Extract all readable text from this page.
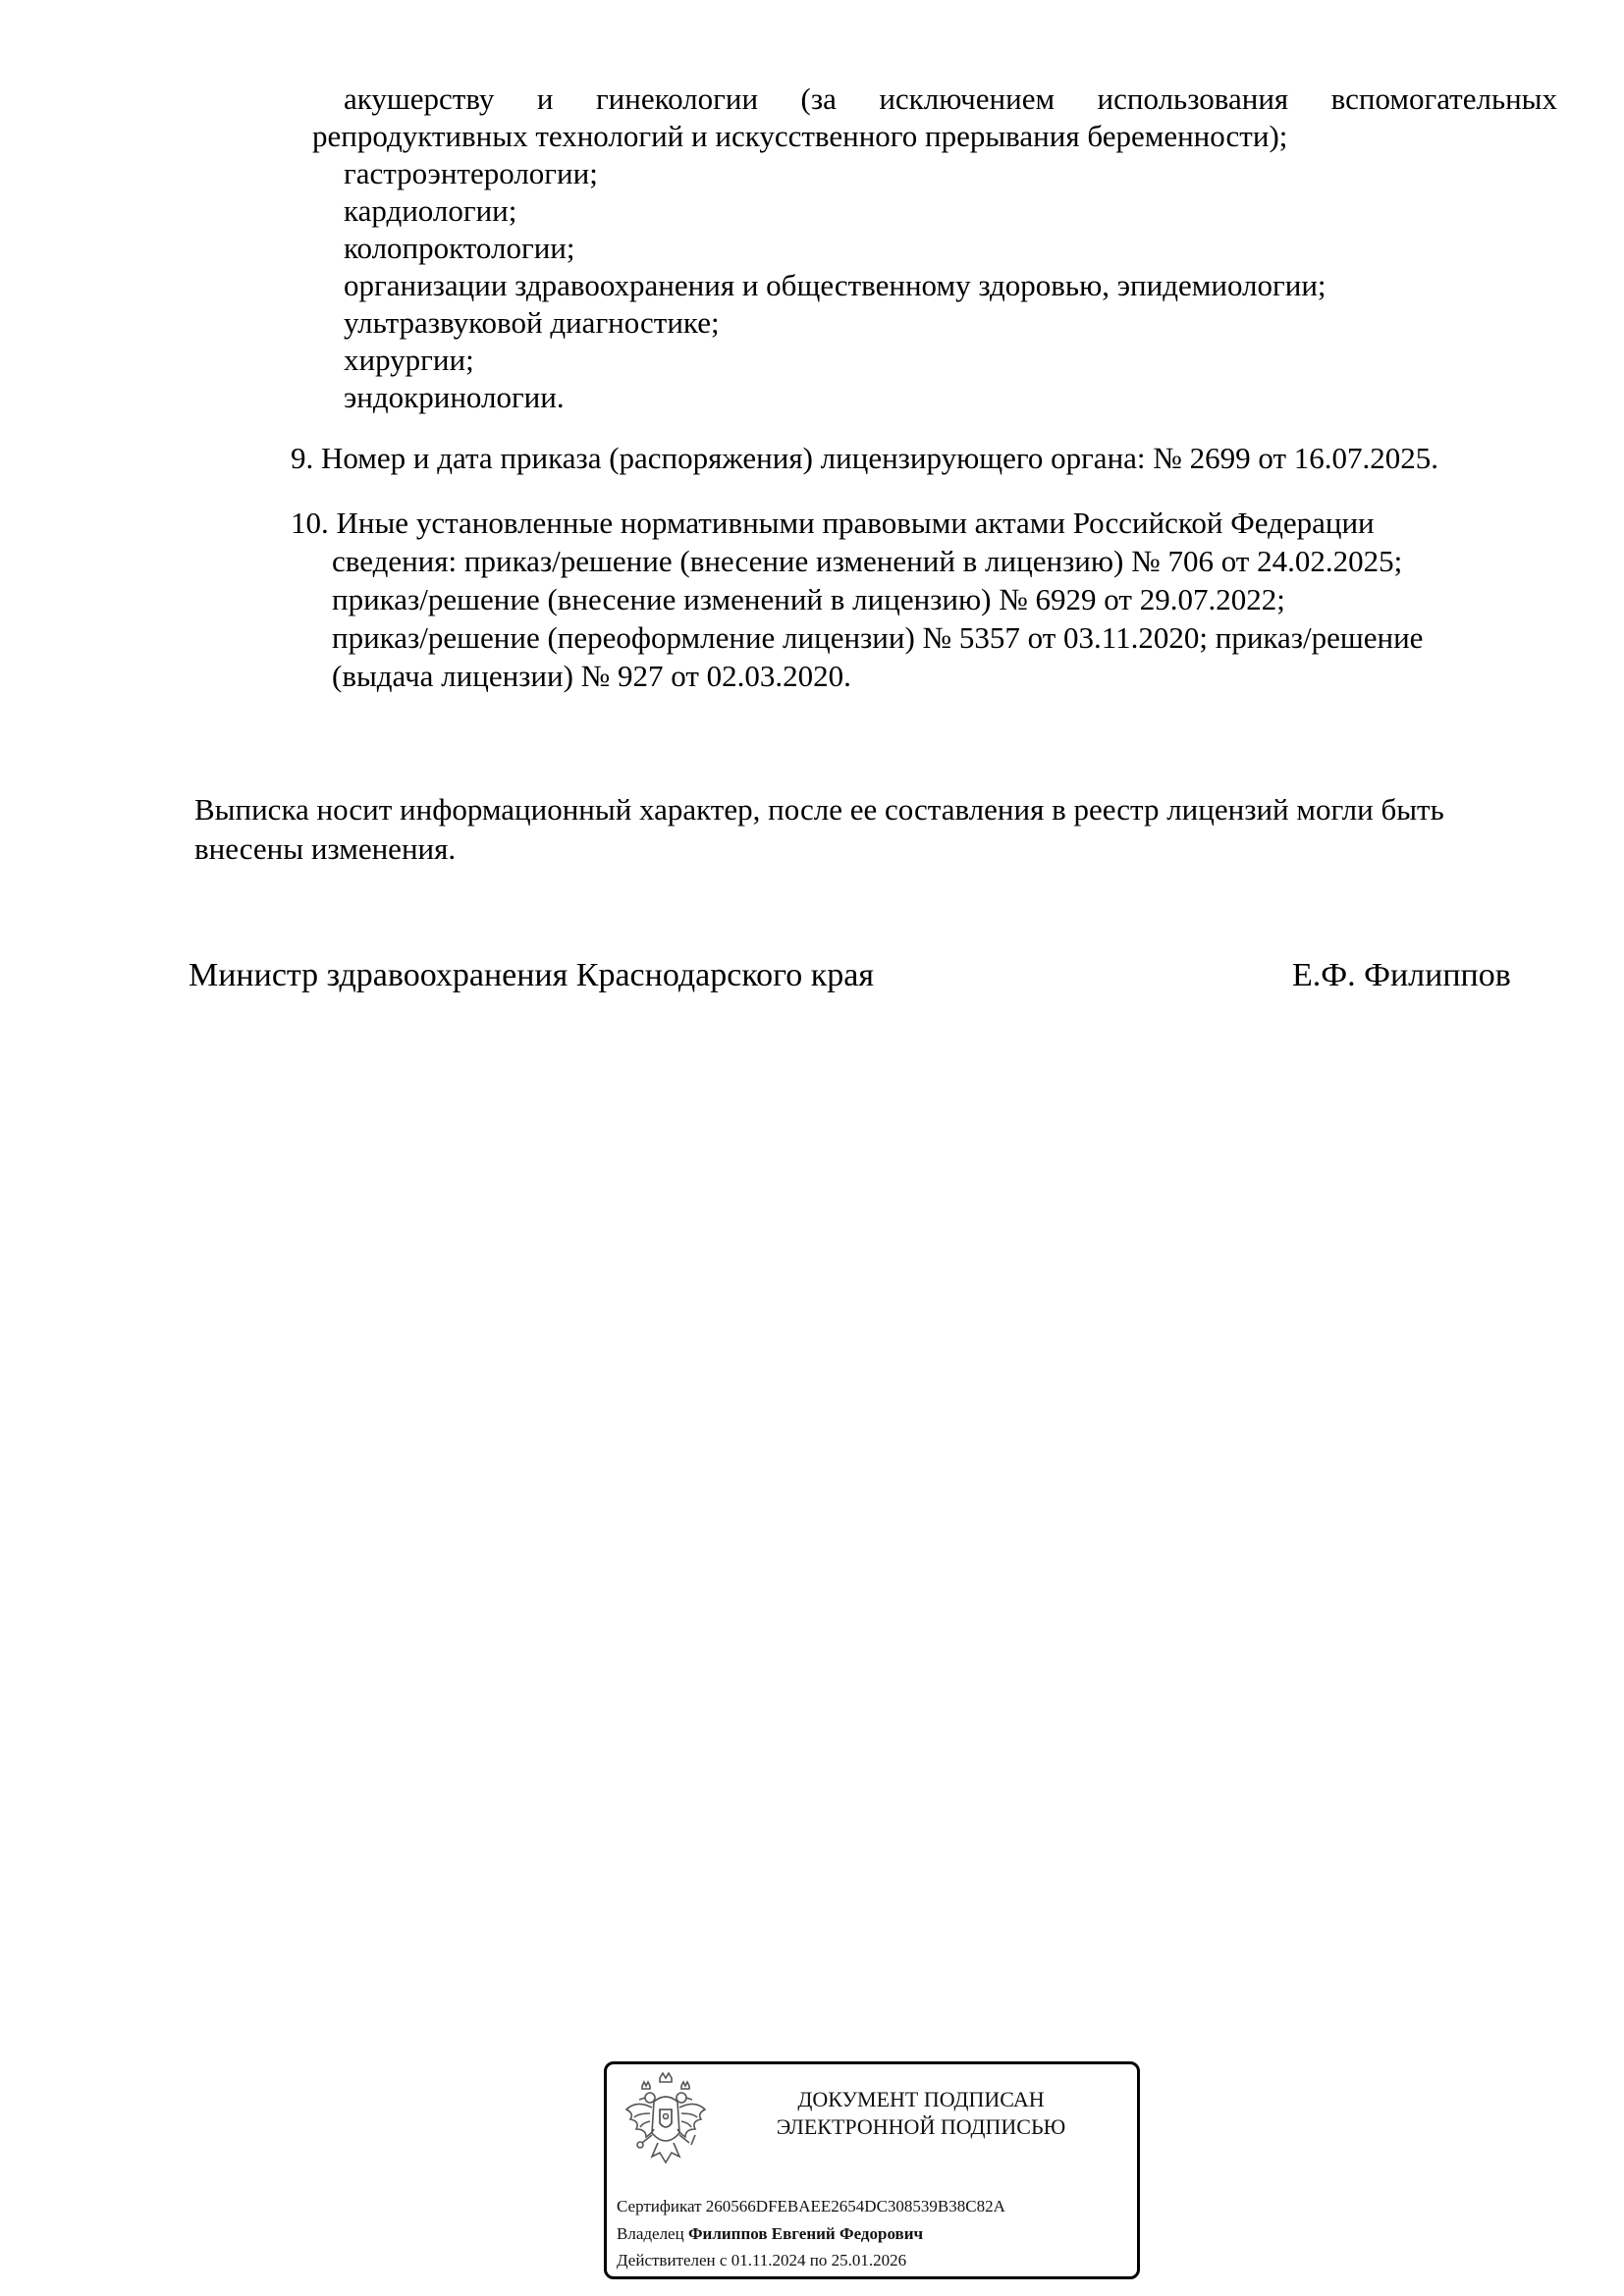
акушерству и гинекологии (за исключением использования вспомогательных
репродуктивных технологий и искусственного прерывания беременности);
гастроэнтерологии;
кардиологии;
колопроктологии;
организации здравоохранения и общественному здоровью, эпидемиологии;
ультразвуковой диагностике;
хирургии;
эндокринологии.
9. Номер и дата приказа (распоряжения) лицензирующего органа: № 2699 от 16.07.2025.
10. Иные установленные нормативными правовыми актами Российской Федерации
сведения: приказ/решение (внесение изменений в лицензию) № 706 от 24.02.2025;
приказ/решение (внесение изменений в лицензию) № 6929 от 29.07.2022;
приказ/решение (переоформление лицензии) № 5357 от 03.11.2020; приказ/решение
(выдача лицензии) № 927 от 02.03.2020.
Выписка носит информационный характер, после ее составления в реестр лицензий могли быть
внесены изменения.
Министр здравоохранения Краснодарского края	Е.Ф. Филиппов
ДОКУМЕНТ ПОДПИСАН
ЭЛЕКТРОННОЙ ПОДПИСЬЮ
Сертификат 260566DFEBAEE2654DC308539B38C82A
Владелец Филиппов Евгений Федорович
Действителен с 01.11.2024 по 25.01.2026
